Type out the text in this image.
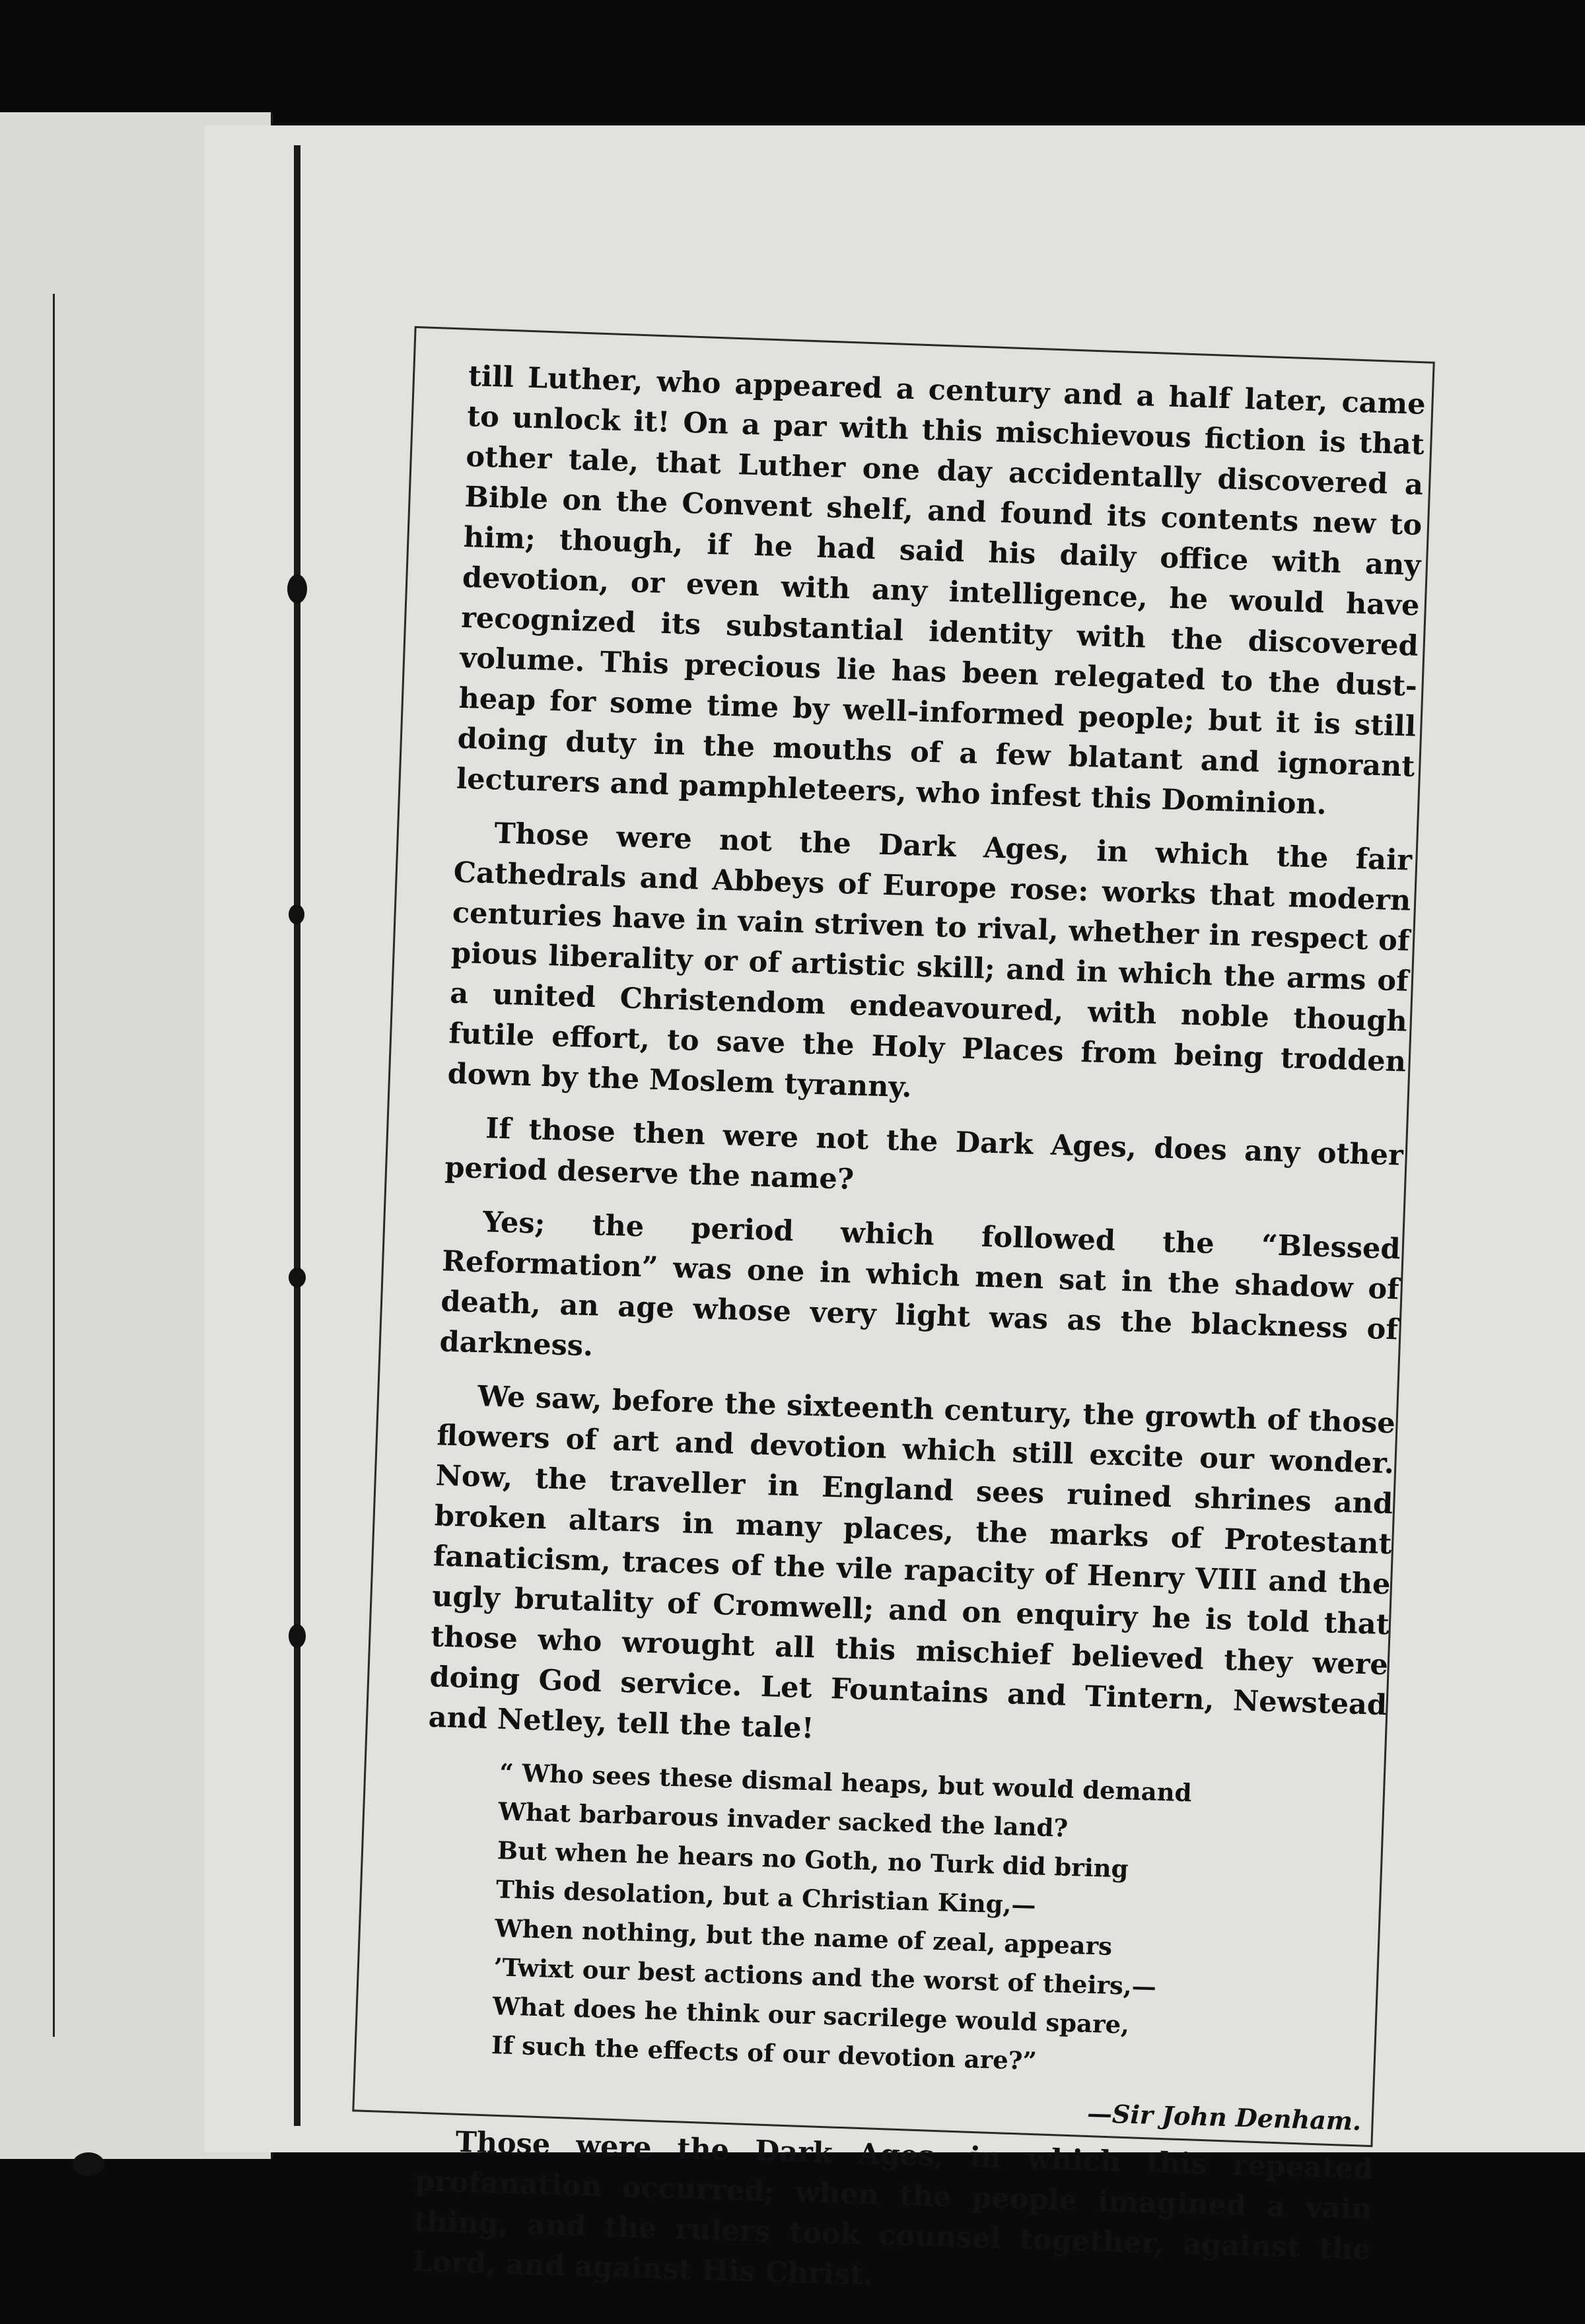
till Luther, who appeared a century and a half later, came to unlock it! On a par with this mischievous fiction is that other tale, that Luther one day accidentally discovered a Bible on the Convent shelf, and found its contents new to him; though, if he had said his daily office with any devotion, or even with any intelligence, he would have recognized its substantial identity with the discovered volume. This precious lie has been relegated to the dust-heap for some time by well-informed people; but it is still doing duty in the mouths of a few blatant and ignorant lecturers and pamphleteers, who infest this Dominion.

Those were not the Dark Ages, in which the fair Cathedrals and Abbeys of Europe rose: works that modern centuries have in vain striven to rival, whether in respect of pious liberality or of artistic skill; and in which the arms of a united Christendom endeavoured, with noble though futile effort, to save the Holy Places from being trodden down by the Moslem tyranny.

If those then were not the Dark Ages, does any other period deserve the name?

Yes; the period which followed the “Blessed Reformation” was one in which men sat in the shadow of death, an age whose very light was as the blackness of darkness.

We saw, before the sixteenth century, the growth of those flowers of art and devotion which still excite our wonder. Now, the traveller in England sees ruined shrines and broken altars in many places, the marks of Protestant fanaticism, traces of the vile rapacity of Henry VIII and the ugly brutality of Cromwell; and on enquiry he is told that those who wrought all this mischief believed they were doing God service. Let Fountains and Tintern, Newstead and Netley, tell the tale!

“ Who sees these dismal heaps, but would demand
What barbarous invader sacked the land?
But when he hears no Goth, no Turk did bring
This desolation, but a Christian King,—
When nothing, but the name of zeal, appears
’Twixt our best actions and the worst of theirs,—
What does he think our sacrilege would spare,
If such the effects of our devotion are?”
—Sir John Denham.

Those were the Dark Ages, in which this repeated profanation occurred; when the people imagined a vain thing, and the rulers took counsel together, against the Lord, and against His Christ.
